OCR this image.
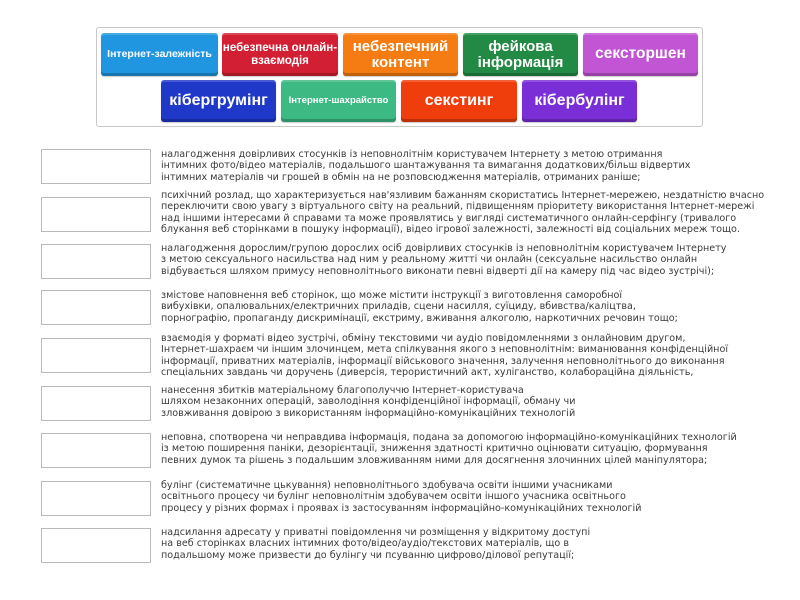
Інтернет-залежність небезпечна онлайн-взаємодія
небезпечний контент
фейкова інформація	сексторшен
кібергрумінг Інтернет-шахрайство секстинг	кібербулінг
налагодження довірливих стосунків із неповнолітнім користувачем Інтернету з метою отримання
інтимних фото/відео матеріалів, подальшого шантажування та вимагання додаткових/більш відвертих
інтимних матеріалів чи грошей в обмін на не розповсюдження матеріалів, отриманих раніше;
психічний розлад, що характеризується нав'язливим бажанням скористатись Інтернет-мережею, нездатністю вчасно
переключити свою увагу з віртуального світу на реальний, підвищенням пріоритету використання Інтернет-мережі
над іншими інтересами й справами та може проявлятись у вигляді систематичного онлайн-серфінгу (тривалого
блукання веб сторінками в пошуку інформації), відео ігрової залежності, залежності від соціальних мереж тощо.
налагодження дорослим/групою дорослих осіб довірливих стосунків із неповнолітнім користувачем Інтернету
з метою сексуального насильства над ним у реальному житті чи онлайн (сексуальне насильство онлайн
відбувається шляхом примусу неповнолітнього виконати певні відверті дії на камеру під час відео зустрічі);
змістове наповнення веб сторінок, що може містити інструкції з виготовлення саморобної
вибухівки, опалювальних/електричних приладів, сцени насилля, суїциду, вбивства/каліцтва,
порнографію, пропаганду дискримінації, екстриму, вживання алкоголю, наркотичних речовин тощо;
взаємодія у форматі відео зустрічі, обміну текстовими чи аудіо повідомленнями з онлайновим другом,
Інтернет-шахраєм чи іншим злочинцем, мета спілкування якого з неповнолітнім: виманювання конфіденційної
інформації, приватних матеріалів, інформації військового значення, залучення неповнолітнього до виконання
спеціальних завдань чи доручень (диверсія, терористичний акт, хуліганство, колабораційна діяльність,
нанесення збитків матеріальному благополуччю Інтернет-користувача
шляхом незаконних операцій, заволодіння конфіденційної інформації, обману чи
зловживання довірою з використанням інформаційно-комунікаційних технологій
неповна, спотворена чи неправдива інформація, подана за допомогою інформаційно-комунікаційних технологій
із метою поширення паніки, дезорієнтації, зниження здатності критично оцінювати ситуацію, формування
певних думок та рішень з подальшим зловживанням ними для досягнення злочинних цілей маніпулятора;
булінг (систематичне цькування) неповнолітнього здобувача освіти іншими учасниками
освітнього процесу чи булінг неповнолітнім здобувачем освіти іншого учасника освітнього
процесу у різних формах і проявах із застосуванням інформаційно-комунікаційних технологій
надсилання адресату у приватні повідомлення чи розміщення у відкритому доступі
на веб сторінках власних інтимних фото/відео/аудіо/текстових матеріалів, що в
подальшому може призвести до булінгу чи псуванню цифрово/ділової репутації;
